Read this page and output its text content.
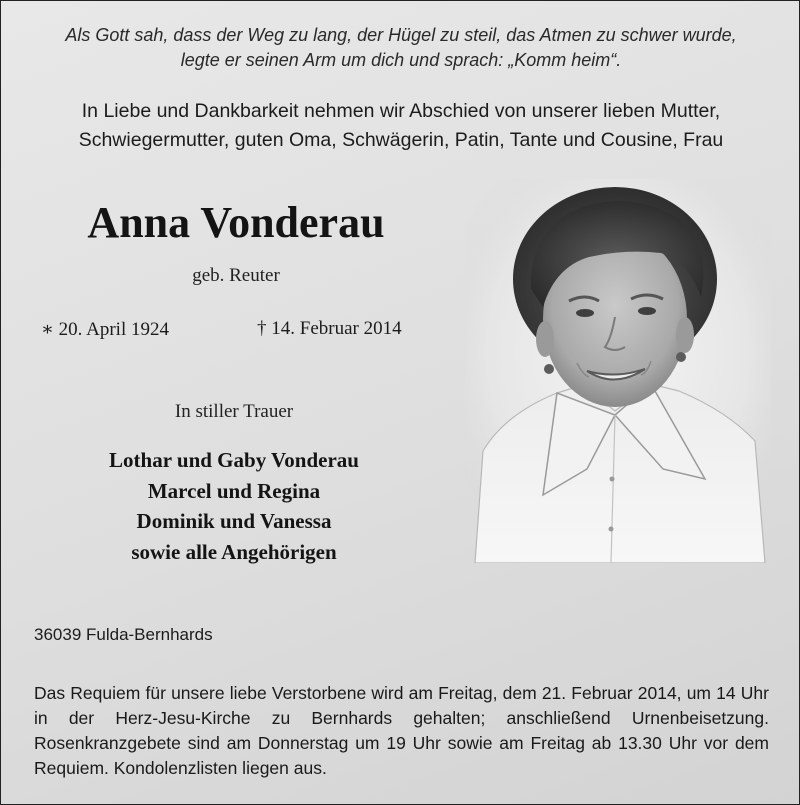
Als Gott sah, dass der Weg zu lang, der Hügel zu steil, das Atmen zu schwer wurde,
legte er seinen Arm um dich und sprach: „Komm heim“.
In Liebe und Dankbarkeit nehmen wir Abschied von unserer lieben Mutter,
Schwiegermutter, guten Oma, Schwägerin, Patin, Tante und Cousine, Frau
Anna Vonderau
geb. Reuter
∗ 20. April 1924	† 14. Februar 2014
In stiller Trauer
Lothar und Gaby Vonderau
Marcel und Regina
Dominik und Vanessa
sowie alle Angehörigen
36039 Fulda-Bernhards
Das Requiem für unsere liebe Verstorbene wird am Freitag, dem 21. Februar 2014, um 14 Uhr in der Herz-Jesu-Kirche zu Bernhards gehalten; anschließend Urnenbeisetzung. Rosenkranzgebete sind am Donnerstag um 19 Uhr sowie am Freitag ab 13.30 Uhr vor dem Requiem. Kondolenzlisten liegen aus.
